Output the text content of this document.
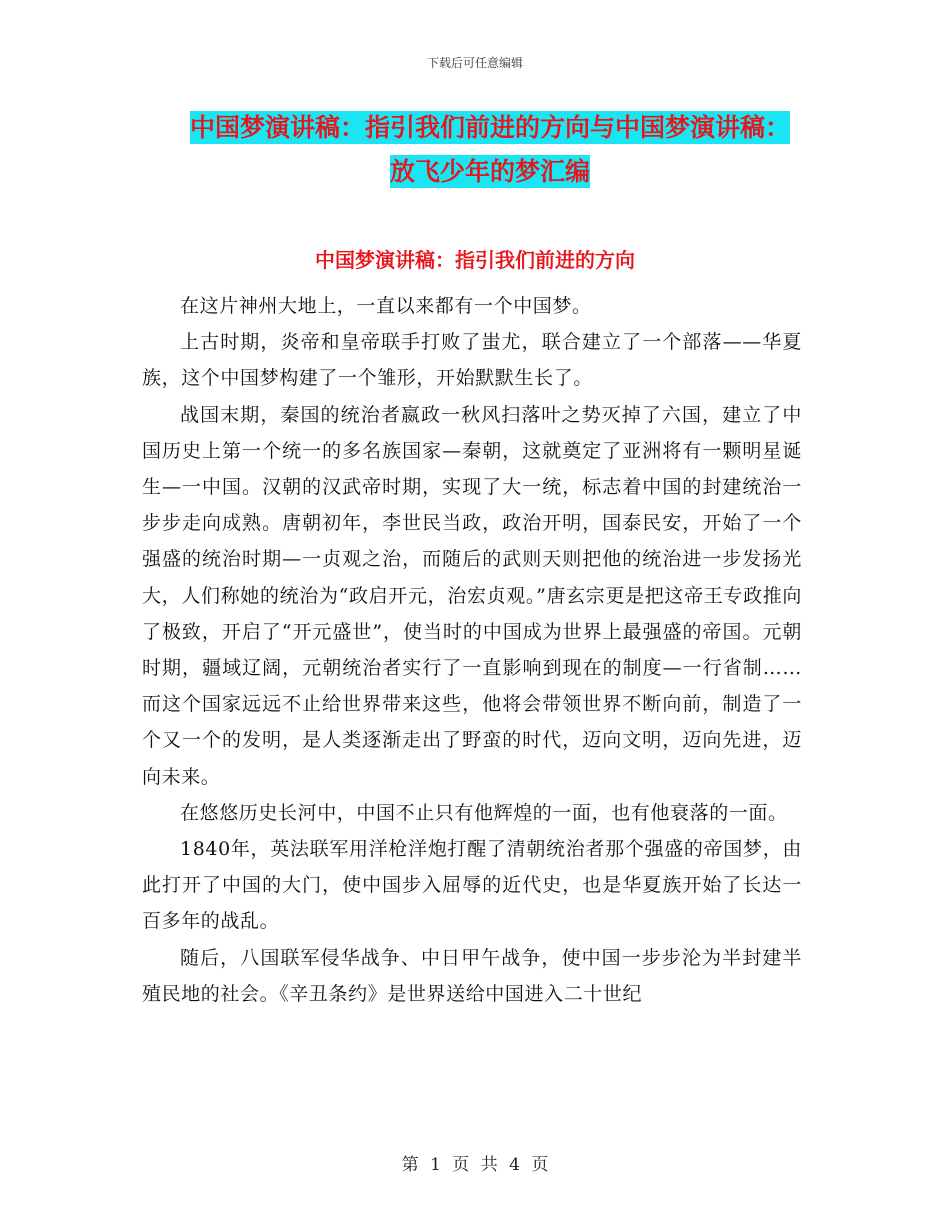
下载后可任意编辑
中国梦演讲稿：指引我们前进的方向与中国梦演讲稿：
放飞少年的梦汇编
中国梦演讲稿：指引我们前进的方向

在这片神州大地上，一直以来都有一个中国梦。

上古时期，炎帝和皇帝联手打败了蚩尤，联合建立了一个部落——华夏族，这个中国梦构建了一个雏形，开始默默生长了。

战国末期，秦国的统治者嬴政一秋风扫落叶之势灭掉了六国，建立了中国历史上第一个统一的多名族国家—秦朝，这就奠定了亚洲将有一颗明星诞生—一中国。汉朝的汉武帝时期，实现了大一统，标志着中国的封建统治一步步走向成熟。唐朝初年，李世民当政，政治开明，国泰民安，开始了一个强盛的统治时期—一贞观之治，而随后的武则天则把他的统治进一步发扬光大，人们称她的统治为“政启开元，治宏贞观。”唐玄宗更是把这帝王专政推向了极致，开启了“开元盛世”，使当时的中国成为世界上最强盛的帝国。元朝时期，疆域辽阔，元朝统治者实行了一直影响到现在的制度—一行省制……而这个国家远远不止给世界带来这些，他将会带领世界不断向前，制造了一个又一个的发明，是人类逐渐走出了野蛮的时代，迈向文明，迈向先进，迈向未来。

在悠悠历史长河中，中国不止只有他辉煌的一面，也有他衰落的一面。

1840年，英法联军用洋枪洋炮打醒了清朝统治者那个强盛的帝国梦，由此打开了中国的大门，使中国步入屈辱的近代史，也是华夏族开始了长达一百多年的战乱。

随后，八国联军侵华战争、中日甲午战争，使中国一步步沦为半封建半殖民地的社会。《辛丑条约》是世界送给中国进入二十世纪

第 1 页 共 4 页
